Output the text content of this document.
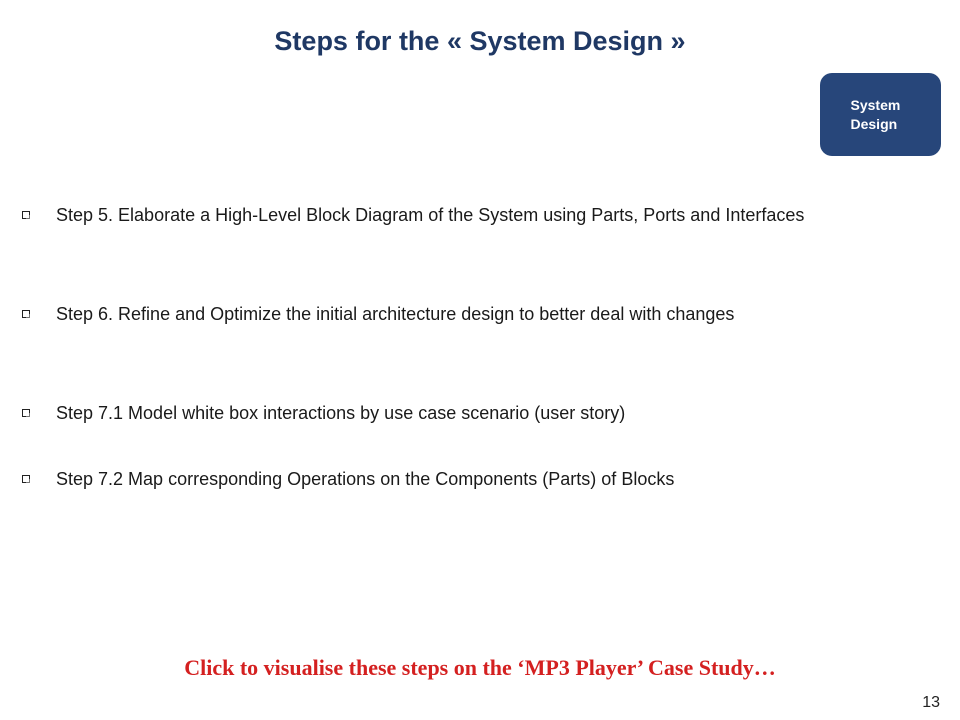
Steps for the « System Design »
System Design
Step 5. Elaborate a High-Level Block Diagram of the System using Parts, Ports and Interfaces
Step 6. Refine and Optimize the initial architecture design to better deal with changes
Step 7.1 Model white box interactions by use case scenario (user story)
Step 7.2 Map corresponding Operations on the Components (Parts) of Blocks
Click to visualise these steps on the ‘MP3 Player’ Case Study…
13
